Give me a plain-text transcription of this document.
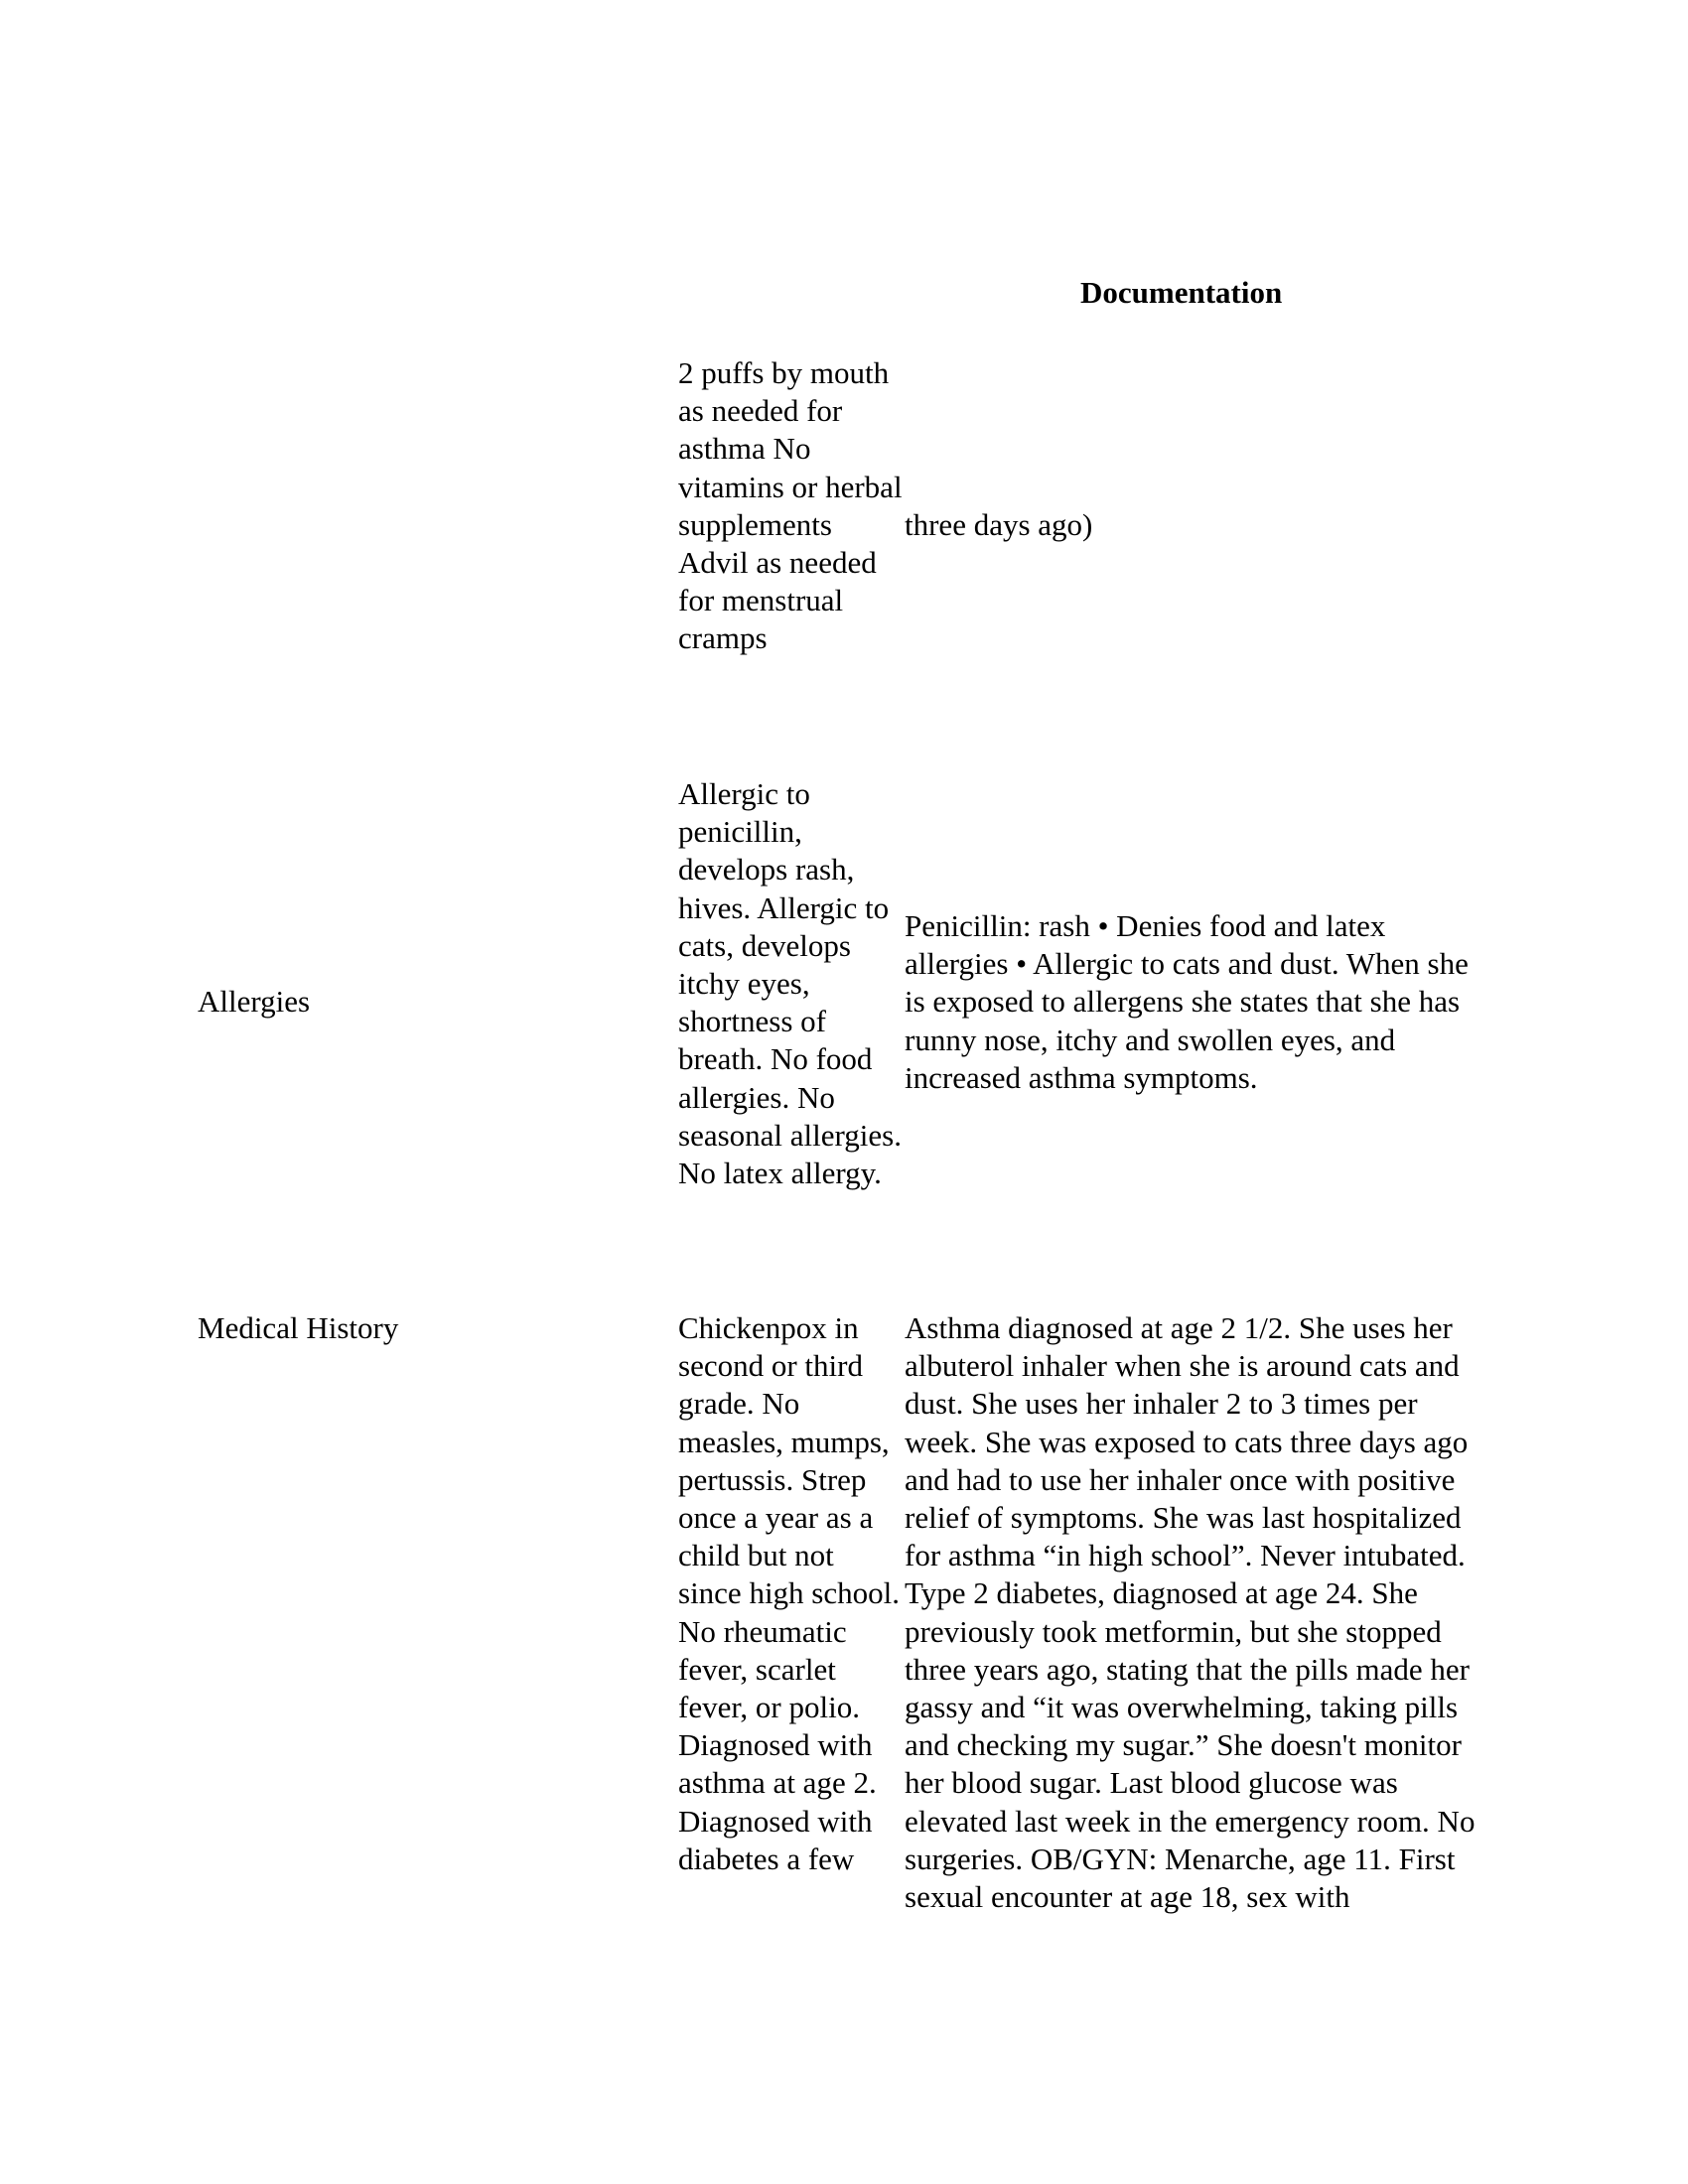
Documentation
2 puffs by mouth as needed for asthma No vitamins or herbal supplements Advil as needed for menstrual cramps
three days ago)
Allergies
Allergic to penicillin, develops rash, hives. Allergic to cats, develops itchy eyes, shortness of breath. No food allergies. No seasonal allergies. No latex allergy.
Penicillin: rash • Denies food and latex allergies • Allergic to cats and dust. When she is exposed to allergens she states that she has runny nose, itchy and swollen eyes, and increased asthma symptoms.
Medical History	Chickenpox in second or third grade. No measles, mumps, pertussis. Strep once a year as a child but not since high school. No rheumatic fever, scarlet fever, or polio. Diagnosed with asthma at age 2. Diagnosed with diabetes a few
Asthma diagnosed at age 2 1/2. She uses her albuterol inhaler when she is around cats and dust. She uses her inhaler 2 to 3 times per week. She was exposed to cats three days ago and had to use her inhaler once with positive relief of symptoms. She was last hospitalized for asthma “in high school”. Never intubated. Type 2 diabetes, diagnosed at age 24. She previously took metformin, but she stopped three years ago, stating that the pills made her gassy and “it was overwhelming, taking pills and checking my sugar.” She doesn't monitor her blood sugar. Last blood glucose was elevated last week in the emergency room. No surgeries. OB/GYN: Menarche, age 11. First sexual encounter at age 18, sex with
